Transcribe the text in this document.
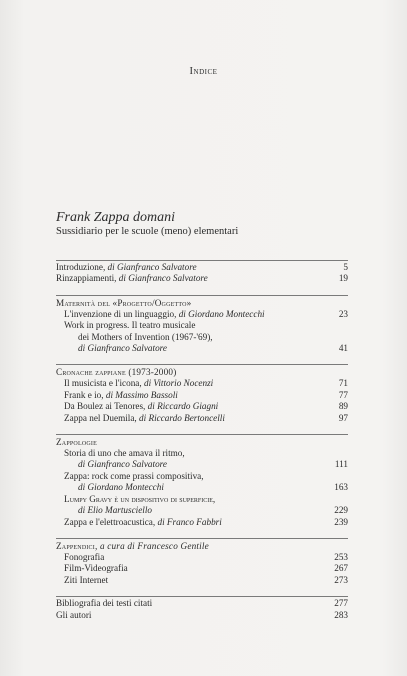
Indice
Frank Zappa domani
Sussidiario per le scuole (meno) elementari
Introduzione, di Gianfranco Salvatore	5
Rinzappiamenti, di Gianfranco Salvatore	19
Maternità del «Progetto/Oggetto»
L'invenzione di un linguaggio, di Giordano Montecchi	23
Work in progress. Il teatro musicale
dei Mothers of Invention (1967-'69),
di Gianfranco Salvatore	41
Cronache zappiane (1973-2000)
Il musicista e l'icona, di Vittorio Nocenzi	71
Frank e io, di Massimo Bassoli	77
Da Boulez ai Tenores, di Riccardo Giagni	89
Zappa nel Duemila, di Riccardo Bertoncelli	97
Zappologie
Storia di uno che amava il ritmo,
di Gianfranco Salvatore	111
Zappa: rock come prassi compositiva,
di Giordano Montecchi	163
Lumpy Gravy è un dispositivo di superficie,
di Elio Martusciello	229
Zappa e l'elettroacustica, di Franco Fabbri	239
Zappendici, a cura di Francesco Gentile
Fonografia	253
Film-Videografia	267
Ziti Internet	273
Bibliografia dei testi citati	277
Gli autori	283
